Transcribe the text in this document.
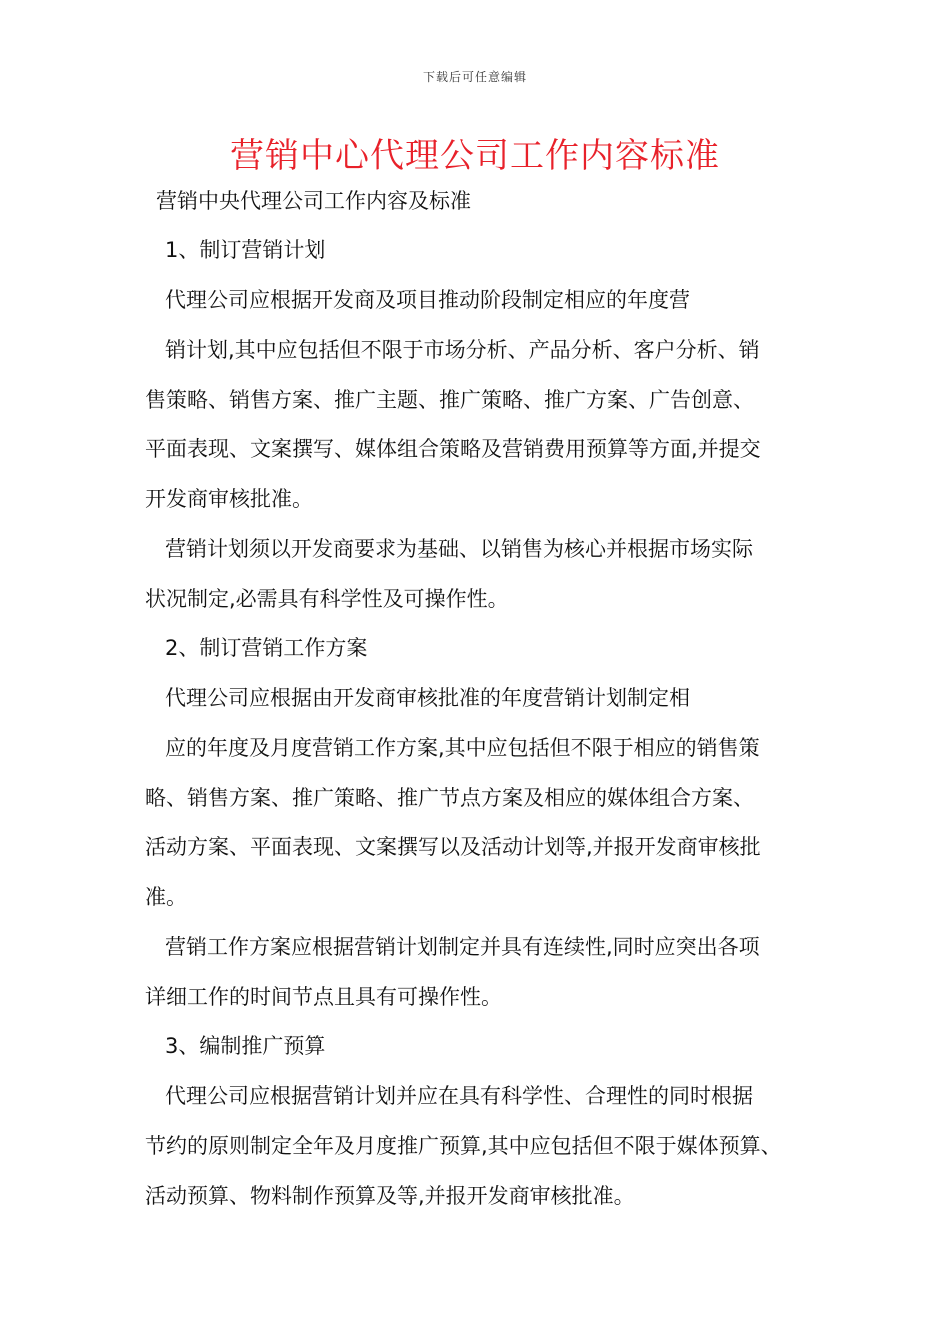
下载后可任意编辑
营销中心代理公司工作内容标准
营销中央代理公司工作内容及标准
1、制订营销计划
代理公司应根据开发商及项目推动阶段制定相应的年度营
销计划,其中应包括但不限于市场分析、产品分析、客户分析、销
售策略、销售方案、推广主题、推广策略、推广方案、广告创意、
平面表现、文案撰写、媒体组合策略及营销费用预算等方面,并提交
开发商审核批准。
营销计划须以开发商要求为基础、以销售为核心并根据市场实际
状况制定,必需具有科学性及可操作性。
2、制订营销工作方案
代理公司应根据由开发商审核批准的年度营销计划制定相
应的年度及月度营销工作方案,其中应包括但不限于相应的销售策
略、销售方案、推广策略、推广节点方案及相应的媒体组合方案、
活动方案、平面表现、文案撰写以及活动计划等,并报开发商审核批
准。
营销工作方案应根据营销计划制定并具有连续性,同时应突出各项
详细工作的时间节点且具有可操作性。
3、编制推广预算
代理公司应根据营销计划并应在具有科学性、合理性的同时根据
节约的原则制定全年及月度推广预算,其中应包括但不限于媒体预算、
活动预算、物料制作预算及等,并报开发商审核批准。
